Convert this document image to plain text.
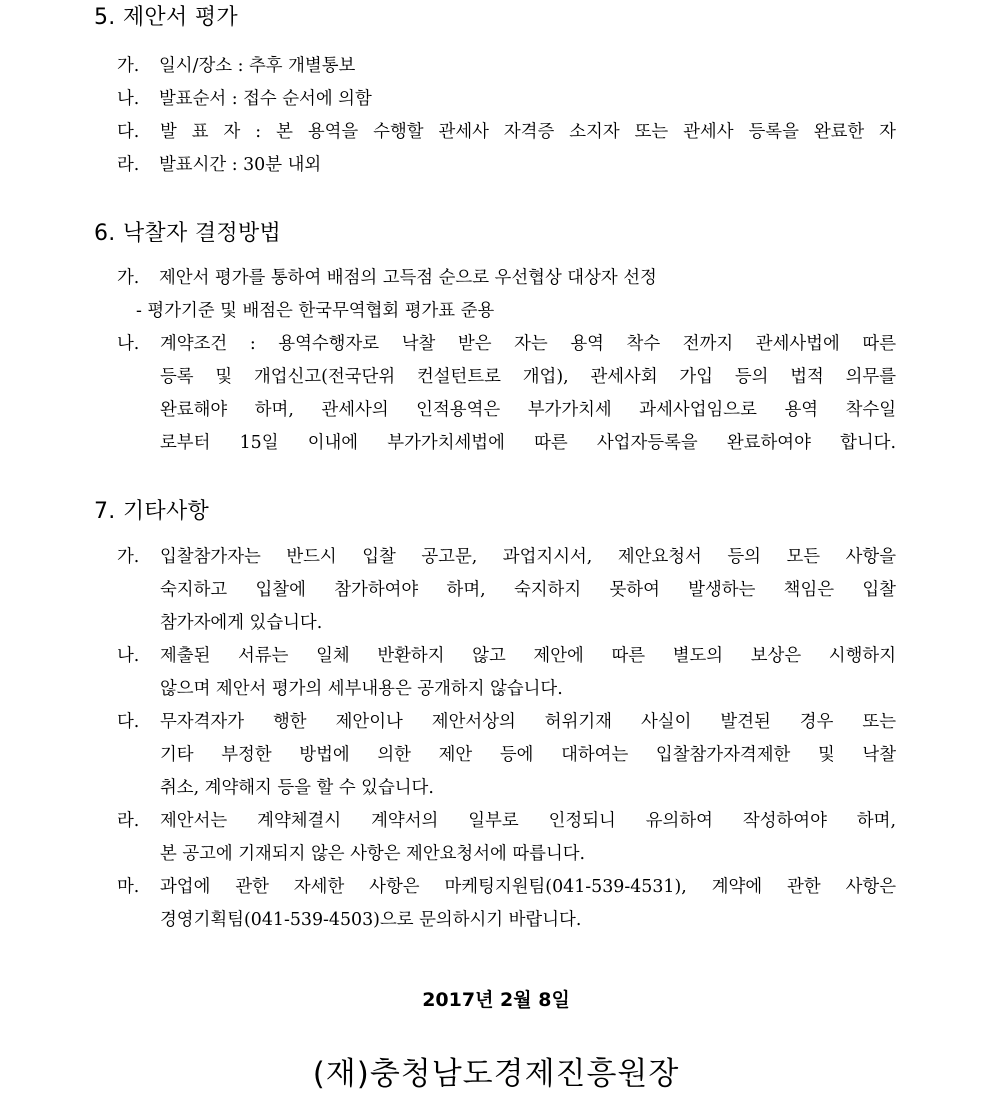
5. 제안서 평가
가. 일시/장소 : 추후 개별통보
나. 발표순서 : 접수 순서에 의함
다.	발 표 자 : 본 용역을 수행할 관세사 자격증 소지자 또는 관세사 등록을 완료한 자
라. 발표시간 : 30분 내외
6. 낙찰자 결정방법
가. 제안서 평가를 통하여 배점의 고득점 순으로 우선협상 대상자 선정
- 평가기준 및 배점은 한국무역협회 평가표 준용
나.	계약조건 : 용역수행자로 낙찰 받은 자는 용역 착수 전까지 관세사법에 따른
등록 및 개업신고(전국단위 컨설턴트로 개업), 관세사회 가입 등의 법적 의무를
완료해야 하며, 관세사의 인적용역은 부가가치세 과세사업임으로 용역 착수일
로부터 15일 이내에 부가가치세법에 따른 사업자등록을 완료하여야 합니다.
7. 기타사항
가.	입찰참가자는 반드시 입찰 공고문, 과업지시서, 제안요청서 등의 모든 사항을
숙지하고 입찰에 참가하여야 하며, 숙지하지 못하여 발생하는 책임은 입찰
참가자에게 있습니다.
나.	제출된 서류는 일체 반환하지 않고 제안에 따른 별도의 보상은 시행하지
않으며 제안서 평가의 세부내용은 공개하지 않습니다.
다.	무자격자가 행한 제안이나 제안서상의 허위기재 사실이 발견된 경우 또는
기타 부정한 방법에 의한 제안 등에 대하여는 입찰참가자격제한 및 낙찰
취소, 계약해지 등을 할 수 있습니다.
라.	제안서는 계약체결시 계약서의 일부로 인정되니 유의하여 작성하여야 하며,
본 공고에 기재되지 않은 사항은 제안요청서에 따릅니다.
마.	과업에 관한 자세한 사항은 마케팅지원팀(041-539-4531), 계약에 관한 사항은
경영기획팀(041-539-4503)으로 문의하시기 바랍니다.
2017년 2월 8일
(재)충청남도경제진흥원장
